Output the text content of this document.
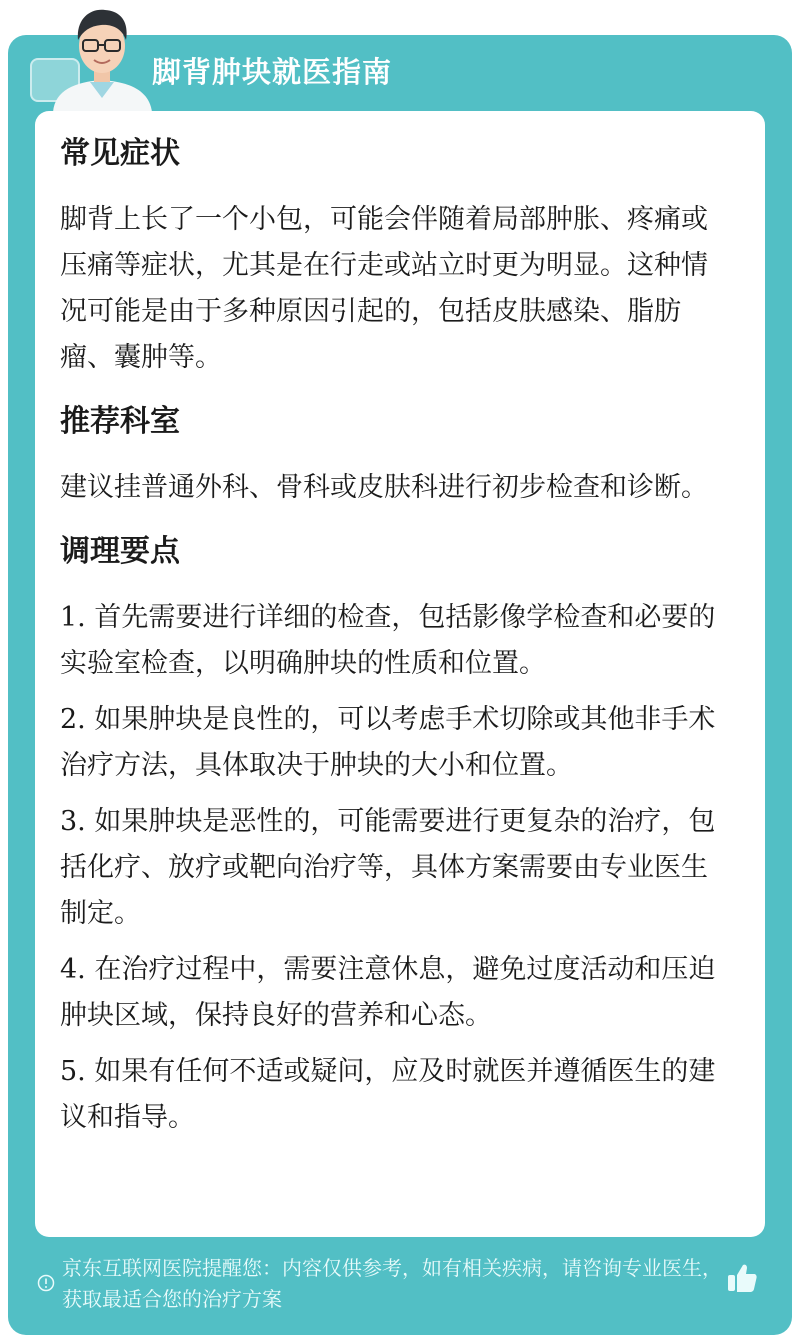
脚背肿块就医指南
常见症状
脚背上长了一个小包，可能会伴随着局部肿胀、疼痛或压痛等症状，尤其是在行走或站立时更为明显。这种情况可能是由于多种原因引起的，包括皮肤感染、脂肪瘤、囊肿等。
推荐科室
建议挂普通外科、骨科或皮肤科进行初步检查和诊断。
调理要点
1. 首先需要进行详细的检查，包括影像学检查和必要的实验室检查，以明确肿块的性质和位置。
2. 如果肿块是良性的，可以考虑手术切除或其他非手术治疗方法，具体取决于肿块的大小和位置。
3. 如果肿块是恶性的，可能需要进行更复杂的治疗，包括化疗、放疗或靶向治疗等，具体方案需要由专业医生制定。
4. 在治疗过程中，需要注意休息，避免过度活动和压迫肿块区域，保持良好的营养和心态。
5. 如果有任何不适或疑问，应及时就医并遵循医生的建议和指导。
京东互联网医院提醒您：内容仅供参考，如有相关疾病，请咨询专业医生，获取最适合您的治疗方案
